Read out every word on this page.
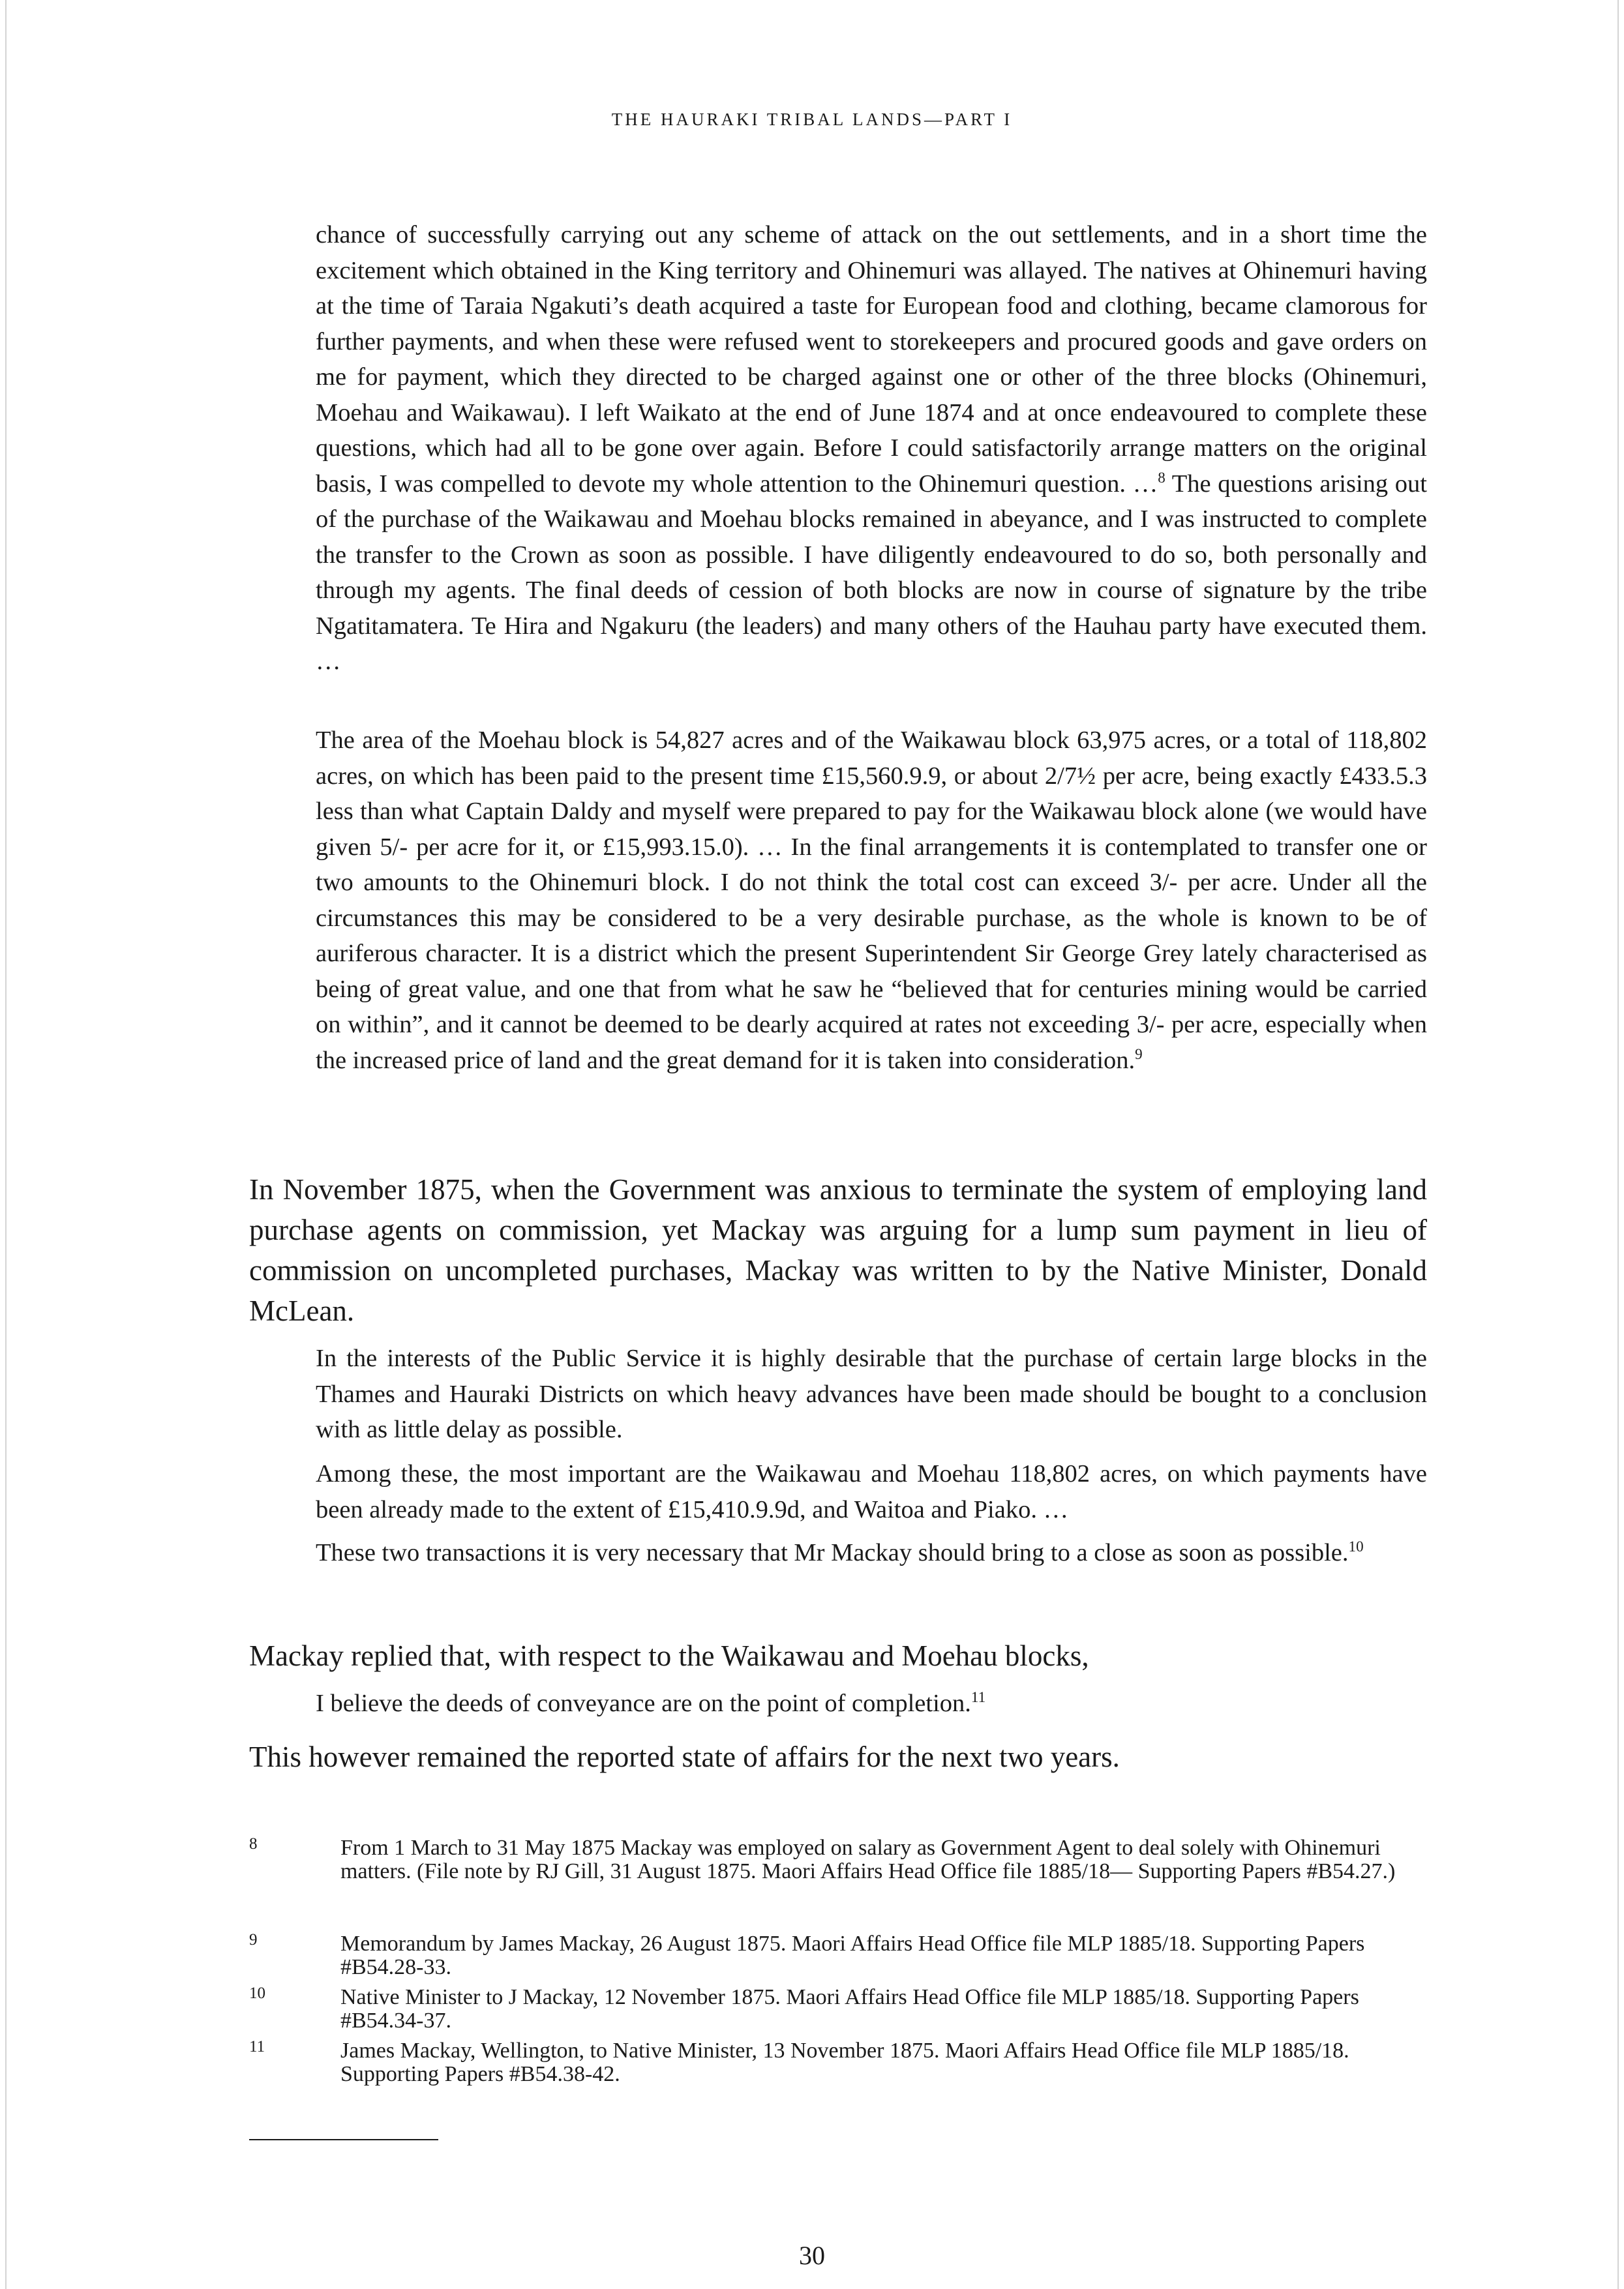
THE HAURAKI TRIBAL LANDS—PART I

chance of successfully carrying out any scheme of attack on the out settlements, and in a short time the excitement which obtained in the King territory and Ohinemuri was allayed. The natives at Ohinemuri having at the time of Taraia Ngakuti’s death acquired a taste for European food and clothing, became clamorous for further payments, and when these were refused went to storekeepers and procured goods and gave orders on me for payment, which they directed to be charged against one or other of the three blocks (Ohinemuri, Moehau and Waikawau). I left Waikato at the end of June 1874 and at once endeavoured to complete these questions, which had all to be gone over again. Before I could satisfactorily arrange matters on the original basis, I was compelled to devote my whole attention to the Ohinemuri question. …$^8$ The questions arising out of the purchase of the Waikawau and Moehau blocks remained in abeyance, and I was instructed to complete the transfer to the Crown as soon as possible. I have diligently endeavoured to do so, both personally and through my agents. The final deeds of cession of both blocks are now in course of signature by the tribe Ngatitamatera. Te Hira and Ngakuru (the leaders) and many others of the Hauhau party have executed them. …

The area of the Moehau block is 54,827 acres and of the Waikawau block 63,975 acres, or a total of 118,802 acres, on which has been paid to the present time £15,560.9.9, or about 2/7½ per acre, being exactly £433.5.3 less than what Captain Daldy and myself were prepared to pay for the Waikawau block alone (we would have given 5/- per acre for it, or £15,993.15.0). … In the final arrangements it is contemplated to transfer one or two amounts to the Ohinemuri block. I do not think the total cost can exceed 3/- per acre. Under all the circumstances this may be considered to be a very desirable purchase, as the whole is known to be of auriferous character. It is a district which the present Superintendent Sir George Grey lately characterised as being of great value, and one that from what he saw he “believed that for centuries mining would be carried on within”, and it cannot be deemed to be dearly acquired at rates not exceeding 3/- per acre, especially when the increased price of land and the great demand for it is taken into consideration.$^9$

In November 1875, when the Government was anxious to terminate the system of employing land purchase agents on commission, yet Mackay was arguing for a lump sum payment in lieu of commission on uncompleted purchases, Mackay was written to by the Native Minister, Donald McLean.

In the interests of the Public Service it is highly desirable that the purchase of certain large blocks in the Thames and Hauraki Districts on which heavy advances have been made should be bought to a conclusion with as little delay as possible.

Among these, the most important are the Waikawau and Moehau 118,802 acres, on which payments have been already made to the extent of £15,410.9.9d, and Waitoa and Piako. …

These two transactions it is very necessary that Mr Mackay should bring to a close as soon as possible.$^{10}$

Mackay replied that, with respect to the Waikawau and Moehau blocks,

I believe the deeds of conveyance are on the point of completion.$^{11}$

This however remained the reported state of affairs for the next two years.

8	From 1 March to 31 May 1875 Mackay was employed on salary as Government Agent to deal solely with Ohinemuri matters. (File note by RJ Gill, 31 August 1875. Maori Affairs Head Office file 1885/18— Supporting Papers #B54.27.)
9	Memorandum by James Mackay, 26 August 1875. Maori Affairs Head Office file MLP 1885/18. Supporting Papers #B54.28-33.
10	Native Minister to J Mackay, 12 November 1875. Maori Affairs Head Office file MLP 1885/18. Supporting Papers #B54.34-37.
11	James Mackay, Wellington, to Native Minister, 13 November 1875. Maori Affairs Head Office file MLP 1885/18. Supporting Papers #B54.38-42.
30
